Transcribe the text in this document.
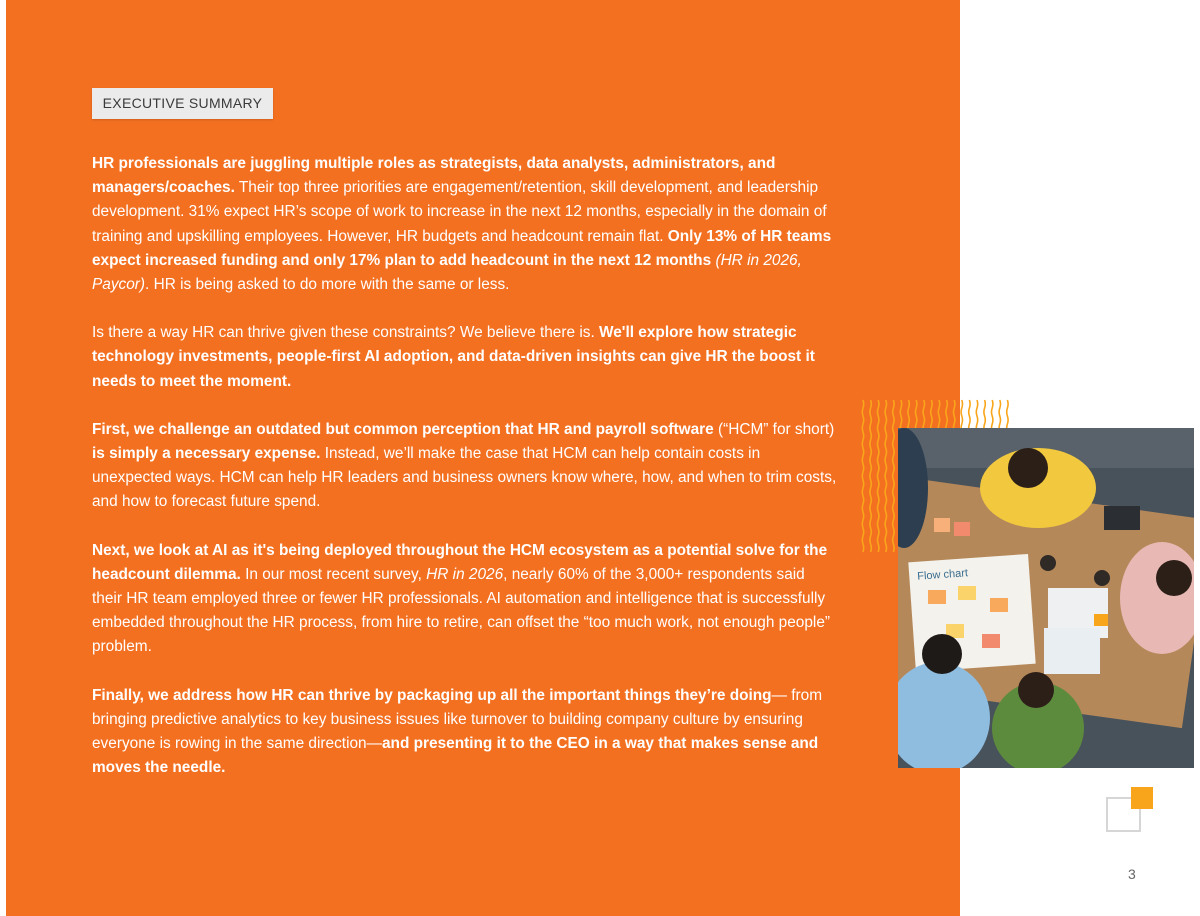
EXECUTIVE SUMMARY

HR professionals are juggling multiple roles as strategists, data analysts, administrators, and managers/coaches. Their top three priorities are engagement/retention, skill development, and leadership development. 31% expect HR’s scope of work to increase in the next 12 months, especially in the domain of training and upskilling employees. However, HR budgets and headcount remain flat. Only 13% of HR teams expect increased funding and only 17% plan to add headcount in the next 12 months (HR in 2026, Paycor). HR is being asked to do more with the same or less.

Is there a way HR can thrive given these constraints? We believe there is. We'll explore how strategic technology investments, people-first AI adoption, and data-driven insights can give HR the boost it needs to meet the moment.

First, we challenge an outdated but common perception that HR and payroll software (“HCM” for short) is simply a necessary expense. Instead, we’ll make the case that HCM can help contain costs in unexpected ways. HCM can help HR leaders and business owners know where, how, and when to trim costs, and how to forecast future spend.

Next, we look at AI as it's being deployed throughout the HCM ecosystem as a potential solve for the headcount dilemma. In our most recent survey, HR in 2026, nearly 60% of the 3,000+ respondents said their HR team employed three or fewer HR professionals. AI automation and intelligence that is successfully embedded throughout the HR process, from hire to retire, can offset the “too much work, not enough people” problem.

Finally, we address how HR can thrive by packaging up all the important things they’re doing— from bringing predictive analytics to key business issues like turnover to building company culture by ensuring everyone is rowing in the same direction—and presenting it to the CEO in a way that makes sense and moves the needle.

Flow chart
3
